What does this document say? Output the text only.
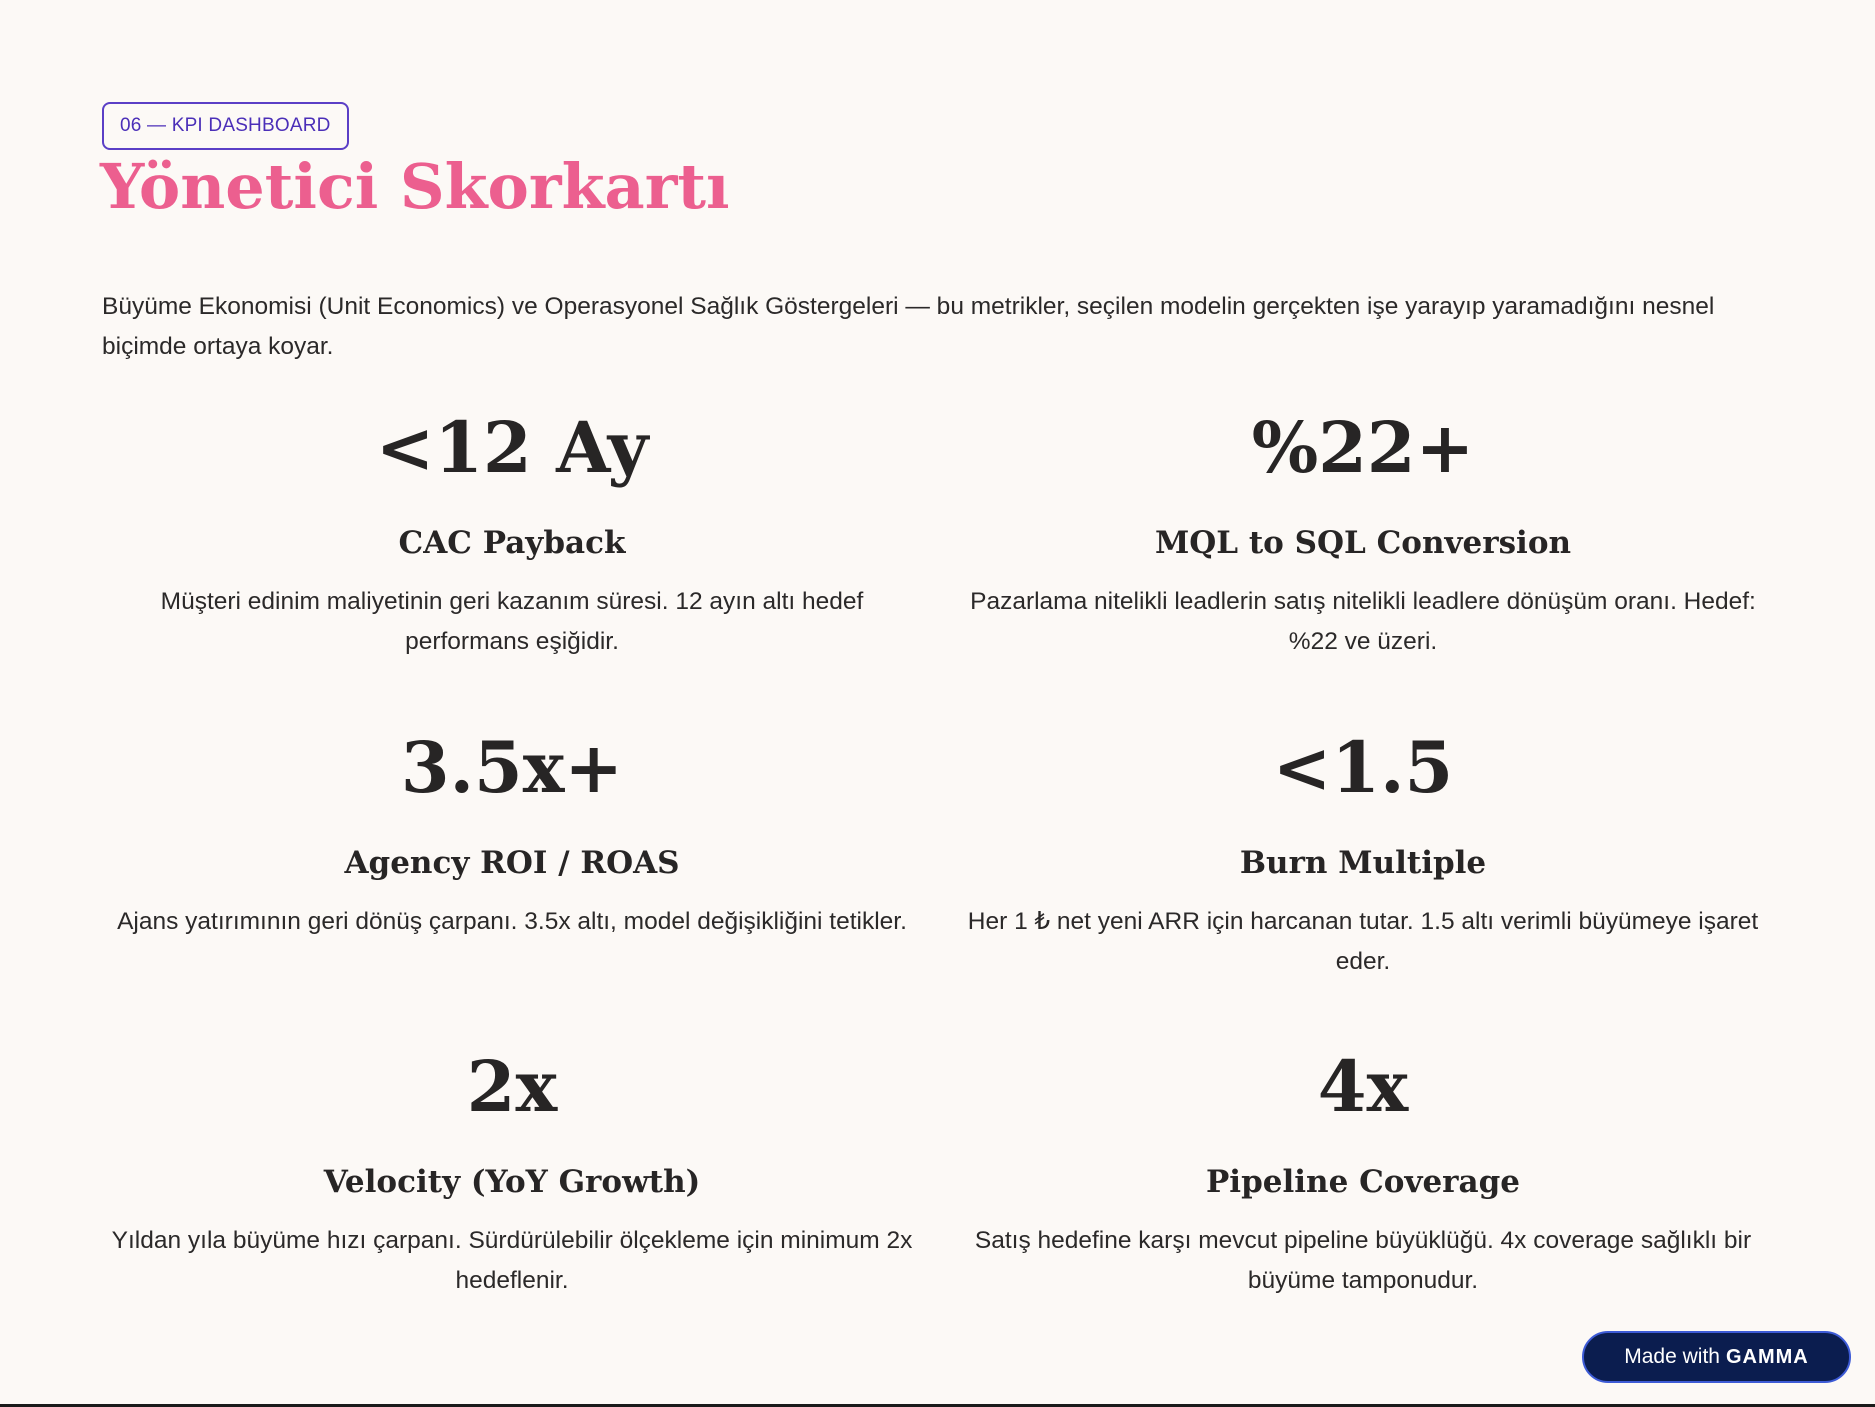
06 — KPI DASHBOARD
Yönetici Skorkartı

Büyüme Ekonomisi (Unit Economics) ve Operasyonel Sağlık Göstergeleri — bu metrikler, seçilen modelin gerçekten işe yarayıp yaramadığını nesnel biçimde ortaya koyar.

<12 Ay
CAC Payback
Müşteri edinim maliyetinin geri kazanım süresi. 12 ayın altı hedef performans eşiğidir.
%22+
MQL to SQL Conversion
Pazarlama nitelikli leadlerin satış nitelikli leadlere dönüşüm oranı. Hedef: %22 ve üzeri.
3.5x+
Agency ROI / ROAS
Ajans yatırımının geri dönüş çarpanı. 3.5x altı, model değişikliğini tetikler.
<1.5
Burn Multiple
Her 1 ₺ net yeni ARR için harcanan tutar. 1.5 altı verimli büyümeye işaret eder.
2x
Velocity (YoY Growth)
Yıldan yıla büyüme hızı çarpanı. Sürdürülebilir ölçekleme için minimum 2x hedeflenir.
4x
Pipeline Coverage
Satış hedefine karşı mevcut pipeline büyüklüğü. 4x coverage sağlıklı bir büyüme tamponudur.
Made with GAMMA
